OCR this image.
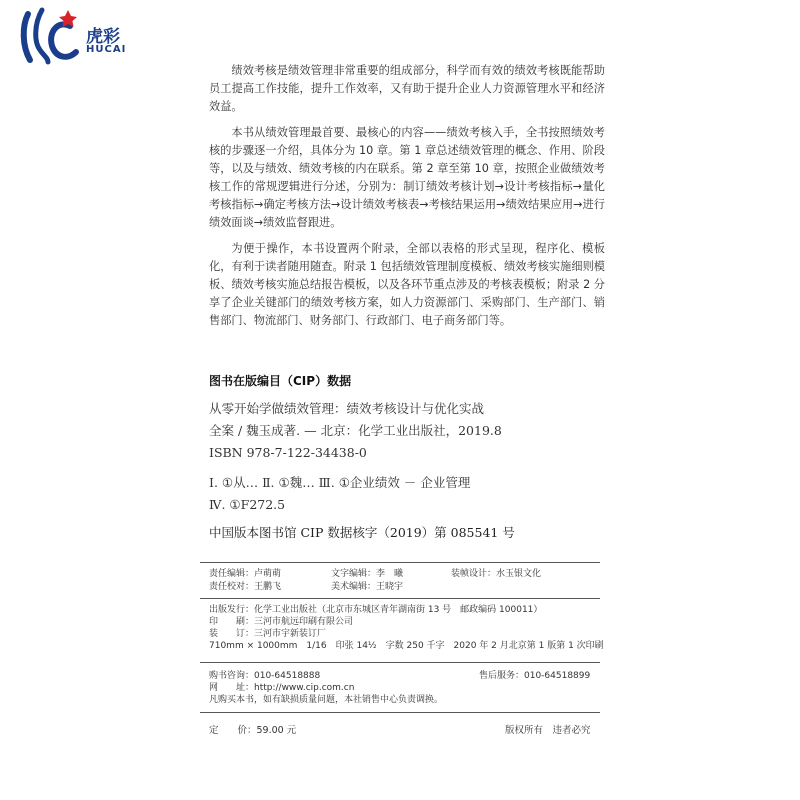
虎彩
HUCAI

绩效考核是绩效管理非常重要的组成部分，科学而有效的绩效考核既能帮助员工提高工作技能，提升工作效率，又有助于提升企业人力资源管理水平和经济效益。

本书从绩效管理最首要、最核心的内容——绩效考核入手，全书按照绩效考核的步骤逐一介绍，具体分为 10 章。第 1 章总述绩效管理的概念、作用、阶段等，以及与绩效、绩效考核的内在联系。第 2 章至第 10 章，按照企业做绩效考核工作的常规逻辑进行分述，分别为：制订绩效考核计划→设计考核指标→量化考核指标→确定考核方法→设计绩效考核表→考核结果运用→绩效结果应用→进行绩效面谈→绩效监督跟进。

为便于操作，本书设置两个附录，全部以表格的形式呈现，程序化、模板化，有利于读者随用随查。附录 1 包括绩效管理制度模板、绩效考核实施细则模板、绩效考核实施总结报告模板，以及各环节重点涉及的考核表模板；附录 2 分享了企业关键部门的绩效考核方案，如人力资源部门、采购部门、生产部门、销售部门、物流部门、财务部门、行政部门、电子商务部门等。

图书在版编目（CIP）数据
从零开始学做绩效管理：绩效考核设计与优化实战
全案 / 魏玉成著. — 北京：化学工业出版社，2019.8
ISBN 978-7-122-34438-0
Ⅰ. ①从… Ⅱ. ①魏… Ⅲ. ①企业绩效 － 企业管理
Ⅳ. ①F272.5
中国版本图书馆 CIP 数据核字（2019）第 085541 号
责任编辑：卢萌萌	文字编辑：李　曦	装帧设计：水玉银文化
责任校对：王鹏飞	美术编辑：王晓宇
出版发行：化学工业出版社（北京市东城区青年湖南街 13 号　邮政编码 100011）
印　　刷：三河市航远印刷有限公司
装　　订：三河市宇新装订厂
710mm × 1000mm　1/16　印张 14½　字数 250 千字　2020 年 2 月北京第 1 版第 1 次印刷
购书咨询：010-64518888	售后服务：010-64518899
网　　址：http://www.cip.com.cn
凡购买本书，如有缺损质量问题，本社销售中心负责调换。
定　　价：59.00 元	版权所有　违者必究
